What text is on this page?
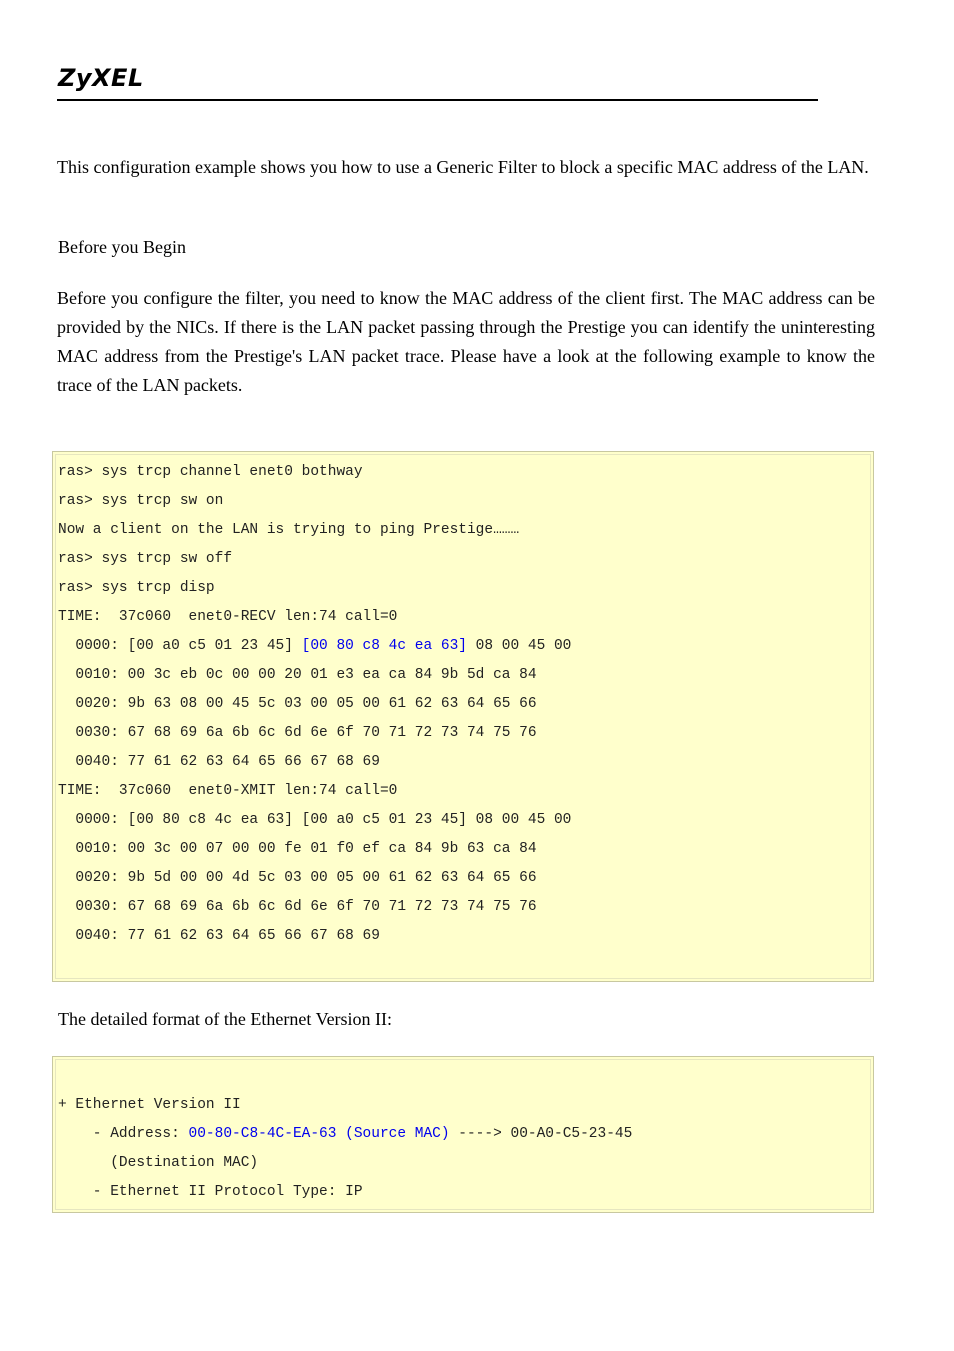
ZyXEL

This configuration example shows you how to use a Generic Filter to block a specific MAC address of the LAN.

Before you Begin

Before you configure the filter, you need to know the MAC address of the client first. The MAC address can be provided by the NICs. If there is the LAN packet passing through the Prestige you can identify the uninteresting MAC address from the Prestige's LAN packet trace. Please have a look at the following example to know the trace of the LAN packets.

ras> sys trcp channel enet0 bothway
ras> sys trcp sw on
Now a client on the LAN is trying to ping Prestige………
ras> sys trcp sw off
ras> sys trcp disp
TIME:  37c060  enet0-RECV len:74 call=0
0000: [00 a0 c5 01 23 45] [00 80 c8 4c ea 63] 08 00 45 00
0010: 00 3c eb 0c 00 00 20 01 e3 ea ca 84 9b 5d ca 84
0020: 9b 63 08 00 45 5c 03 00 05 00 61 62 63 64 65 66
0030: 67 68 69 6a 6b 6c 6d 6e 6f 70 71 72 73 74 75 76
0040: 77 61 62 63 64 65 66 67 68 69
TIME:  37c060  enet0-XMIT len:74 call=0
0000: [00 80 c8 4c ea 63] [00 a0 c5 01 23 45] 08 00 45 00
0010: 00 3c 00 07 00 00 fe 01 f0 ef ca 84 9b 63 ca 84
0020: 9b 5d 00 00 4d 5c 03 00 05 00 61 62 63 64 65 66
0030: 67 68 69 6a 6b 6c 6d 6e 6f 70 71 72 73 74 75 76
0040: 77 61 62 63 64 65 66 67 68 69

The detailed format of the Ethernet Version II:

+ Ethernet Version II
- Address: 00-80-C8-4C-EA-63 (Source MAC) ----> 00-A0-C5-23-45
(Destination MAC)
- Ethernet II Protocol Type: IP
